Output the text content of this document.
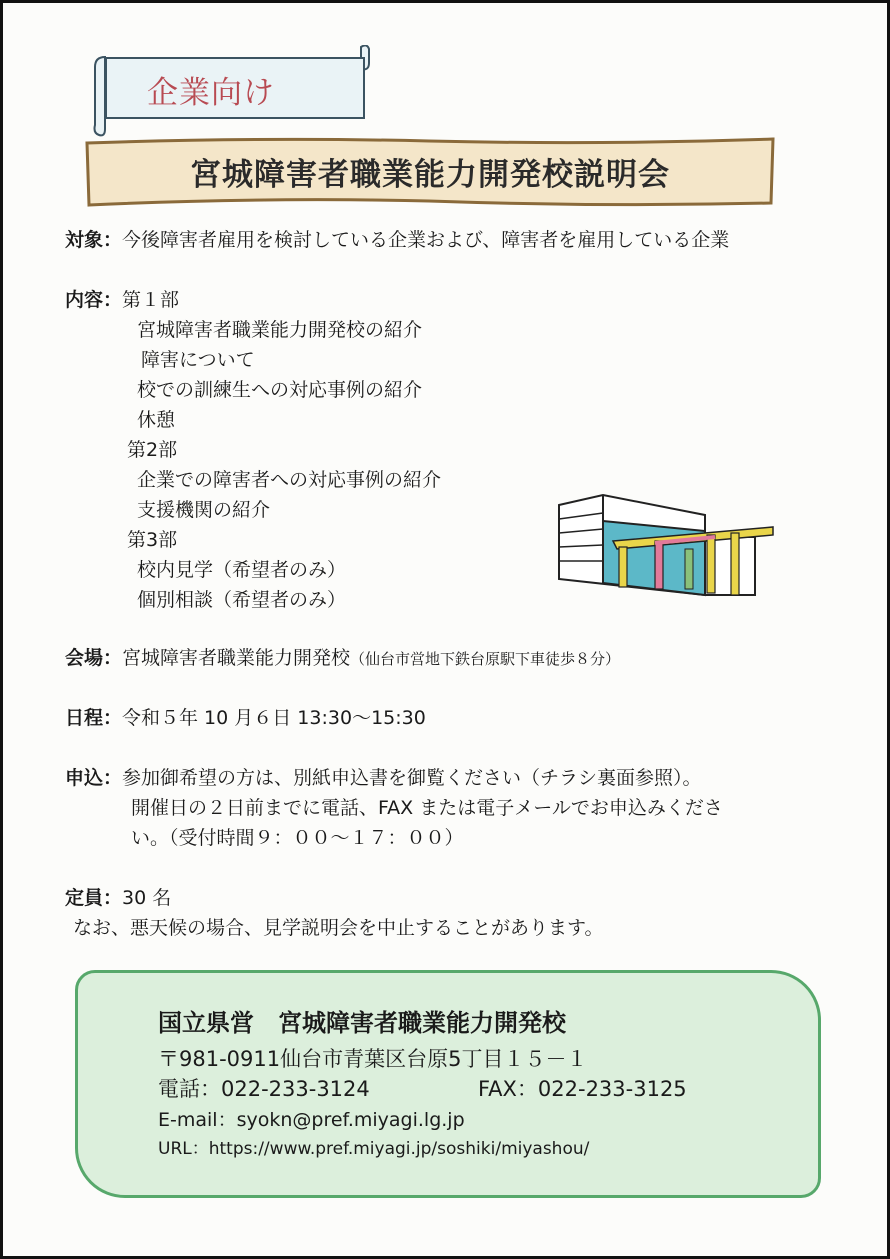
企業向け
宮城障害者職業能力開発校説明会
対象：今後障害者雇用を検討している企業および、障害者を雇用している企業
内容：第１部
宮城障害者職業能力開発校の紹介
障害について
校での訓練生への対応事例の紹介
休憩
第2部
企業での障害者への対応事例の紹介
支援機関の紹介
第3部
校内見学（希望者のみ）
個別相談（希望者のみ）
会場：宮城障害者職業能力開発校（仙台市営地下鉄台原駅下車徒歩８分）
日程：令和５年 10 月６日 13:30～15:30
申込：参加御希望の方は、別紙申込書を御覧ください（チラシ裏面参照）。
開催日の２日前までに電話、FAX または電子メールでお申込みくださ
い。（受付時間９：００～１７：００）
定員：30 名
なお、悪天候の場合、見学説明会を中止することがあります。
国立県営　宮城障害者職業能力開発校
〒981-0911仙台市青葉区台原5丁目１５－１
電話：022-233-3124	FAX：022-233-3125
E-mail：syokn@pref.miyagi.lg.jp
URL：https://www.pref.miyagi.jp/soshiki/miyashou/
